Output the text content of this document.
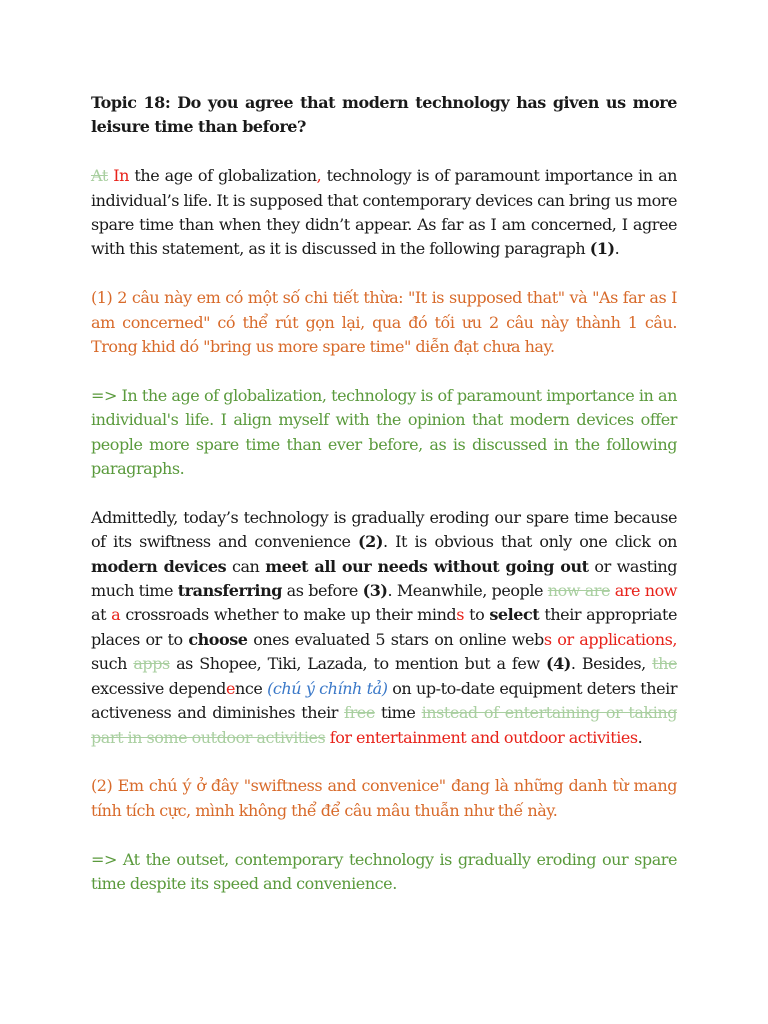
Topic 18: Do you agree that modern technology has given us more leisure time than before?

At In the age of globalization, technology is of paramount importance in an individual’s life. It is supposed that contemporary devices can bring us more spare time than when they didn’t appear. As far as I am concerned, I agree with this statement, as it is discussed in the following paragraph (1).

(1) 2 câu này em có một số chi tiết thừa: "It is supposed that" và "As far as I am concerned" có thể rút gọn lại, qua đó tối ưu 2 câu này thành 1 câu. Trong khid dó "bring us more spare time" diễn đạt chưa hay.

=> In the age of globalization, technology is of paramount importance in an individual's life. I align myself with the opinion that modern devices offer people more spare time than ever before, as is discussed in the following paragraphs.

Admittedly, today’s technology is gradually eroding our spare time because of its swiftness and convenience (2). It is obvious that only one click on modern devices can meet all our needs without going out or wasting much time transferring as before (3). Meanwhile, people now are are now at a crossroads whether to make up their minds to select their appropriate places or to choose ones evaluated 5 stars on online webs or applications, such apps as Shopee, Tiki, Lazada, to mention but a few (4). Besides, the excessive dependence (chú ý chính tả) on up-to-date equipment deters their activeness and diminishes their free time instead of entertaining or taking part in some outdoor activities for entertainment and outdoor activities.

(2) Em chú ý ở đây "swiftness and convenice" đang là những danh từ mang tính tích cực, mình không thể để câu mâu thuẫn như thế này.

=> At the outset, contemporary technology is gradually eroding our spare time despite its speed and convenience.
